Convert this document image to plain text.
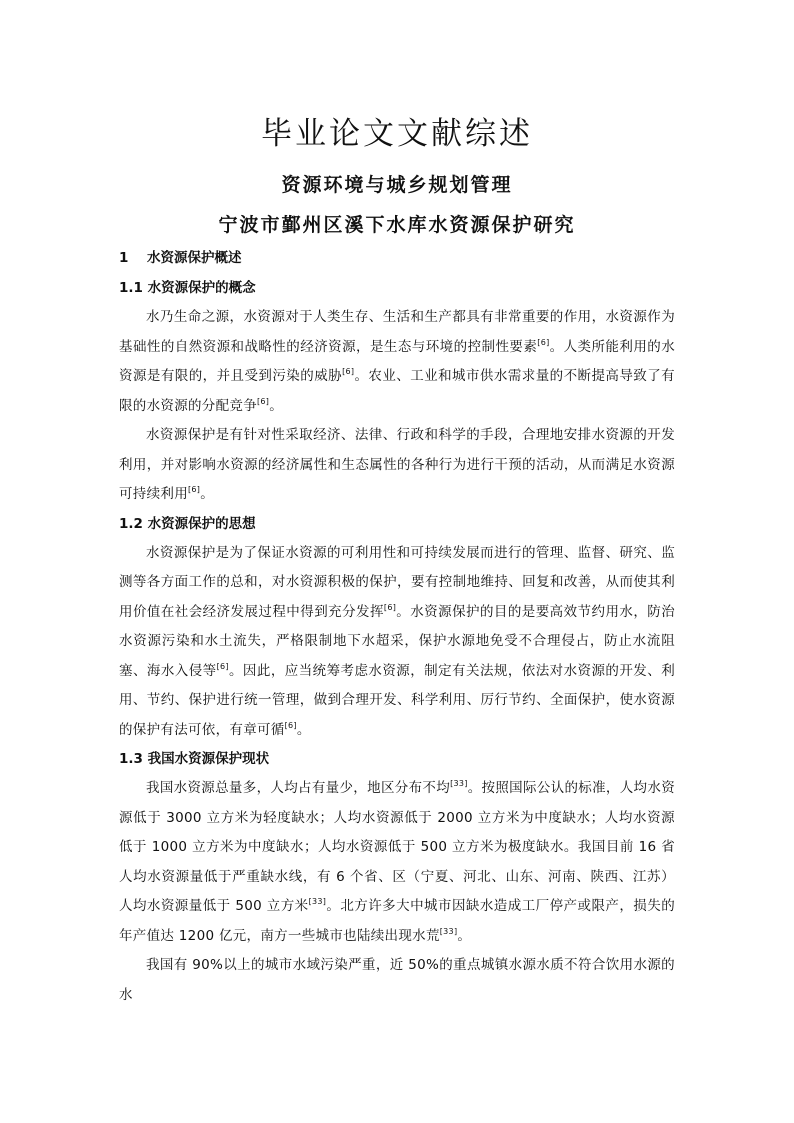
毕业论文文献综述
资源环境与城乡规划管理
宁波市鄞州区溪下水库水资源保护研究
1 水资源保护概述
1.1 水资源保护的概念

水乃生命之源，水资源对于人类生存、生活和生产都具有非常重要的作用，水资源作为基础性的自然资源和战略性的经济资源，是生态与环境的控制性要素[6]。人类所能利用的水资源是有限的，并且受到污染的威胁[6]。农业、工业和城市供水需求量的不断提高导致了有限的水资源的分配竞争[6]。

水资源保护是有针对性采取经济、法律、行政和科学的手段，合理地安排水资源的开发利用，并对影响水资源的经济属性和生态属性的各种行为进行干预的活动，从而满足水资源可持续利用[6]。

1.2 水资源保护的思想

水资源保护是为了保证水资源的可利用性和可持续发展而进行的管理、监督、研究、监测等各方面工作的总和，对水资源积极的保护，要有控制地维持、回复和改善，从而使其利用价值在社会经济发展过程中得到充分发挥[6]。水资源保护的目的是要高效节约用水，防治水资源污染和水土流失，严格限制地下水超采，保护水源地免受不合理侵占，防止水流阻塞、海水入侵等[6]。因此，应当统筹考虑水资源，制定有关法规，依法对水资源的开发、利用、节约、保护进行统一管理，做到合理开发、科学利用、厉行节约、全面保护，使水资源的保护有法可依，有章可循[6]。

1.3 我国水资源保护现状

我国水资源总量多，人均占有量少，地区分布不均[33]。按照国际公认的标准，人均水资源低于 3000 立方米为轻度缺水；人均水资源低于 2000 立方米为中度缺水；人均水资源低于 1000 立方米为中度缺水；人均水资源低于 500 立方米为极度缺水。我国目前 16 省人均水资源量低于严重缺水线，有 6 个省、区（宁夏、河北、山东、河南、陕西、江苏）人均水资源量低于 500 立方米[33]。北方许多大中城市因缺水造成工厂停产或限产，损失的年产值达 1200 亿元，南方一些城市也陆续出现水荒[33]。

我国有 90%以上的城市水域污染严重，近 50%的重点城镇水源水质不符合饮用水源的水
